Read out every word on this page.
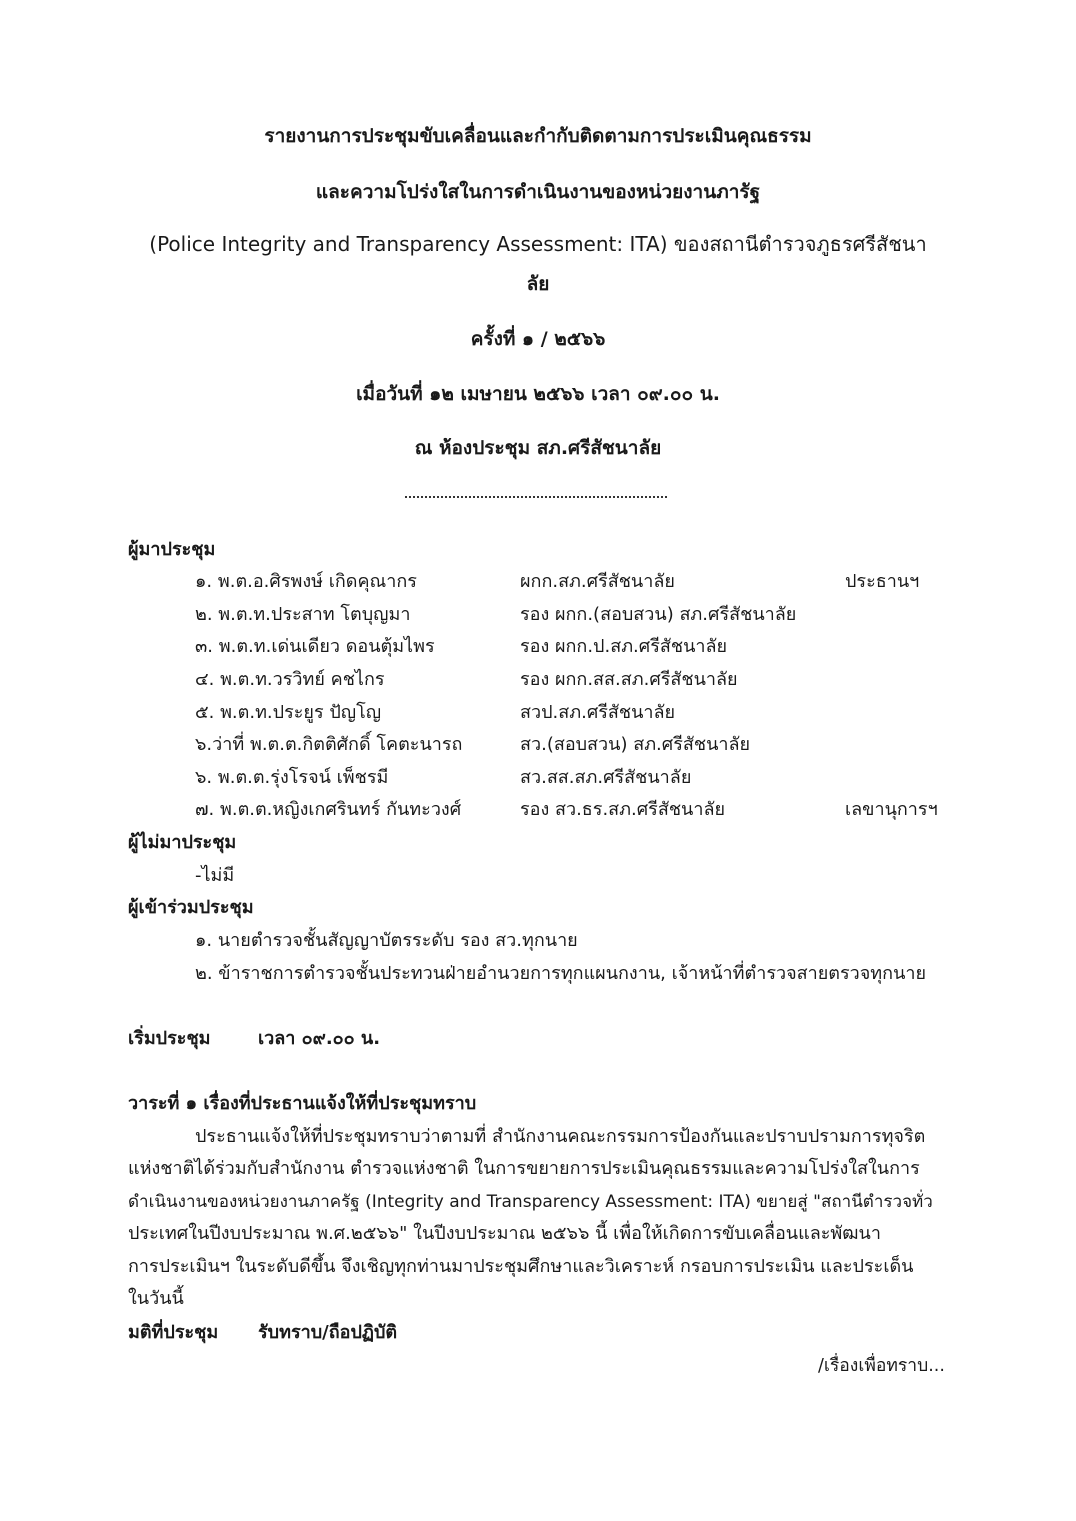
รายงานการประชุมขับเคลื่อนและกำกับติดตามการประเมินคุณธรรม
และความโปร่งใสในการดำเนินงานของหน่วยงานภารัฐ
(Police Integrity and Transparency Assessment: ITA) ของสถานีตำรวจภูธรศรีสัชนา
ลัย
ครั้งที่ ๑ / ๒๕๖๖
เมื่อวันที่ ๑๒ เมษายน ๒๕๖๖ เวลา ๐๙.๐๐ น.
ณ ห้องประชุม สภ.ศรีสัชนาลัย
ผู้มาประชุม
๑. พ.ต.อ.ศิรพงษ์ เกิดคุณากร	ผกก.สภ.ศรีสัชนาลัย	ประธานฯ
๒. พ.ต.ท.ประสาท โตบุญมา	รอง ผกก.(สอบสวน) สภ.ศรีสัชนาลัย
๓. พ.ต.ท.เด่นเดียว ดอนตุ้มไพร	รอง ผกก.ป.สภ.ศรีสัชนาลัย
๔. พ.ต.ท.วรวิทย์ คชไกร	รอง ผกก.สส.สภ.ศรีสัชนาลัย
๕. พ.ต.ท.ประยูร ปัญโญ	สวป.สภ.ศรีสัชนาลัย
๖.ว่าที่ พ.ต.ต.กิตติศักดิ์ โคตะนารถ	สว.(สอบสวน) สภ.ศรีสัชนาลัย
๖. พ.ต.ต.รุ่งโรจน์ เพ็ชรมี	สว.สส.สภ.ศรีสัชนาลัย
๗. พ.ต.ต.หญิงเกศรินทร์ กันทะวงศ์	รอง สว.ธร.สภ.ศรีสัชนาลัย	เลขานุการฯ
ผู้ไม่มาประชุม
-ไม่มี
ผู้เข้าร่วมประชุม
๑. นายตำรวจชั้นสัญญาบัตรระดับ รอง สว.ทุกนาย
๒. ข้าราชการตำรวจชั้นประทวนฝ่ายอำนวยการทุกแผนกงาน, เจ้าหน้าที่ตำรวจสายตรวจทุกนาย
เริ่มประชุม	เวลา ๐๙.๐๐ น.
วาระที่ ๑ เรื่องที่ประธานแจ้งให้ที่ประชุมทราบ
ประธานแจ้งให้ที่ประชุมทราบว่าตามที่ สำนักงานคณะกรรมการป้องกันและปราบปรามการทุจริต
แห่งชาติได้ร่วมกับสำนักงาน ตำรวจแห่งชาติ ในการขยายการประเมินคุณธรรมและความโปร่งใสในการ
ดำเนินงานของหน่วยงานภาครัฐ (Integrity and Transparency Assessment: ITA) ขยายสู่ "สถานีตำรวจทั่ว
ประเทศในปีงบประมาณ พ.ศ.๒๕๖๖" ในปีงบประมาณ ๒๕๖๖ นี้ เพื่อให้เกิดการขับเคลื่อนและพัฒนา
การประเมินฯ ในระดับดีขึ้น จึงเชิญทุกท่านมาประชุมศึกษาและวิเคราะห์ กรอบการประเมิน และประเด็น
ในวันนี้
มติที่ประชุม รับทราบ/ถือปฏิบัติ
/เรื่องเพื่อทราบ...
